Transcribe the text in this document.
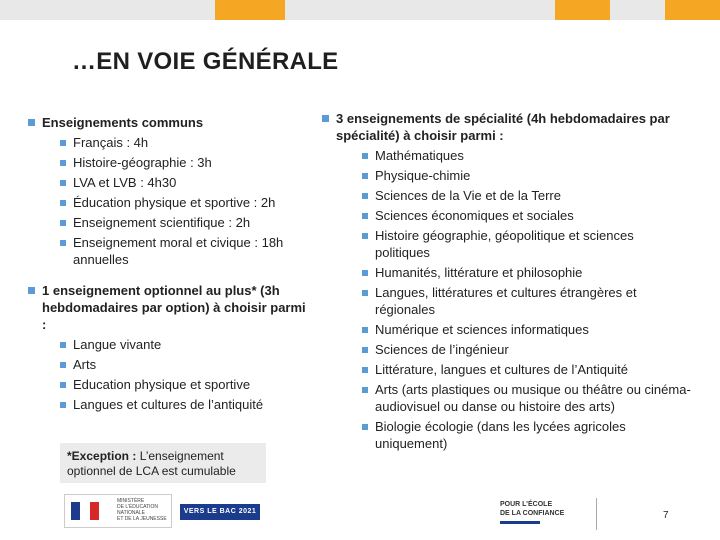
…EN VOIE GÉNÉRALE
Enseignements communs
Français : 4h
Histoire-géographie : 3h
LVA et LVB : 4h30
Éducation physique et sportive : 2h
Enseignement scientifique : 2h
Enseignement moral et civique : 18h annuelles
1 enseignement optionnel au plus* (3h hebdomadaires par option) à choisir parmi :
Langue vivante
Arts
Education physique et sportive
Langues et cultures de l’antiquité
*Exception : L’enseignement optionnel de LCA est cumulable
3 enseignements de spécialité (4h hebdomadaires par spécialité) à choisir parmi :
Mathématiques
Physique-chimie
Sciences de la Vie et de la Terre
Sciences économiques et sociales
Histoire géographie, géopolitique et sciences politiques
Humanités, littérature et philosophie
Langues, littératures et cultures étrangères et régionales
Numérique et sciences informatiques
Sciences de l’ingénieur
Littérature, langues et cultures de l’Antiquité
Arts (arts plastiques ou musique ou théâtre ou cinéma-audiovisuel ou danse ou histoire des arts)
Biologie écologie (dans les lycées agricoles uniquement)
MINISTÈRE
DE L’ÉDUCATION
NATIONALE
ET DE LA JEUNESSE
VERS LE BAC 2021
POUR L’ÉCOLE
DE LA CONFIANCE	7
